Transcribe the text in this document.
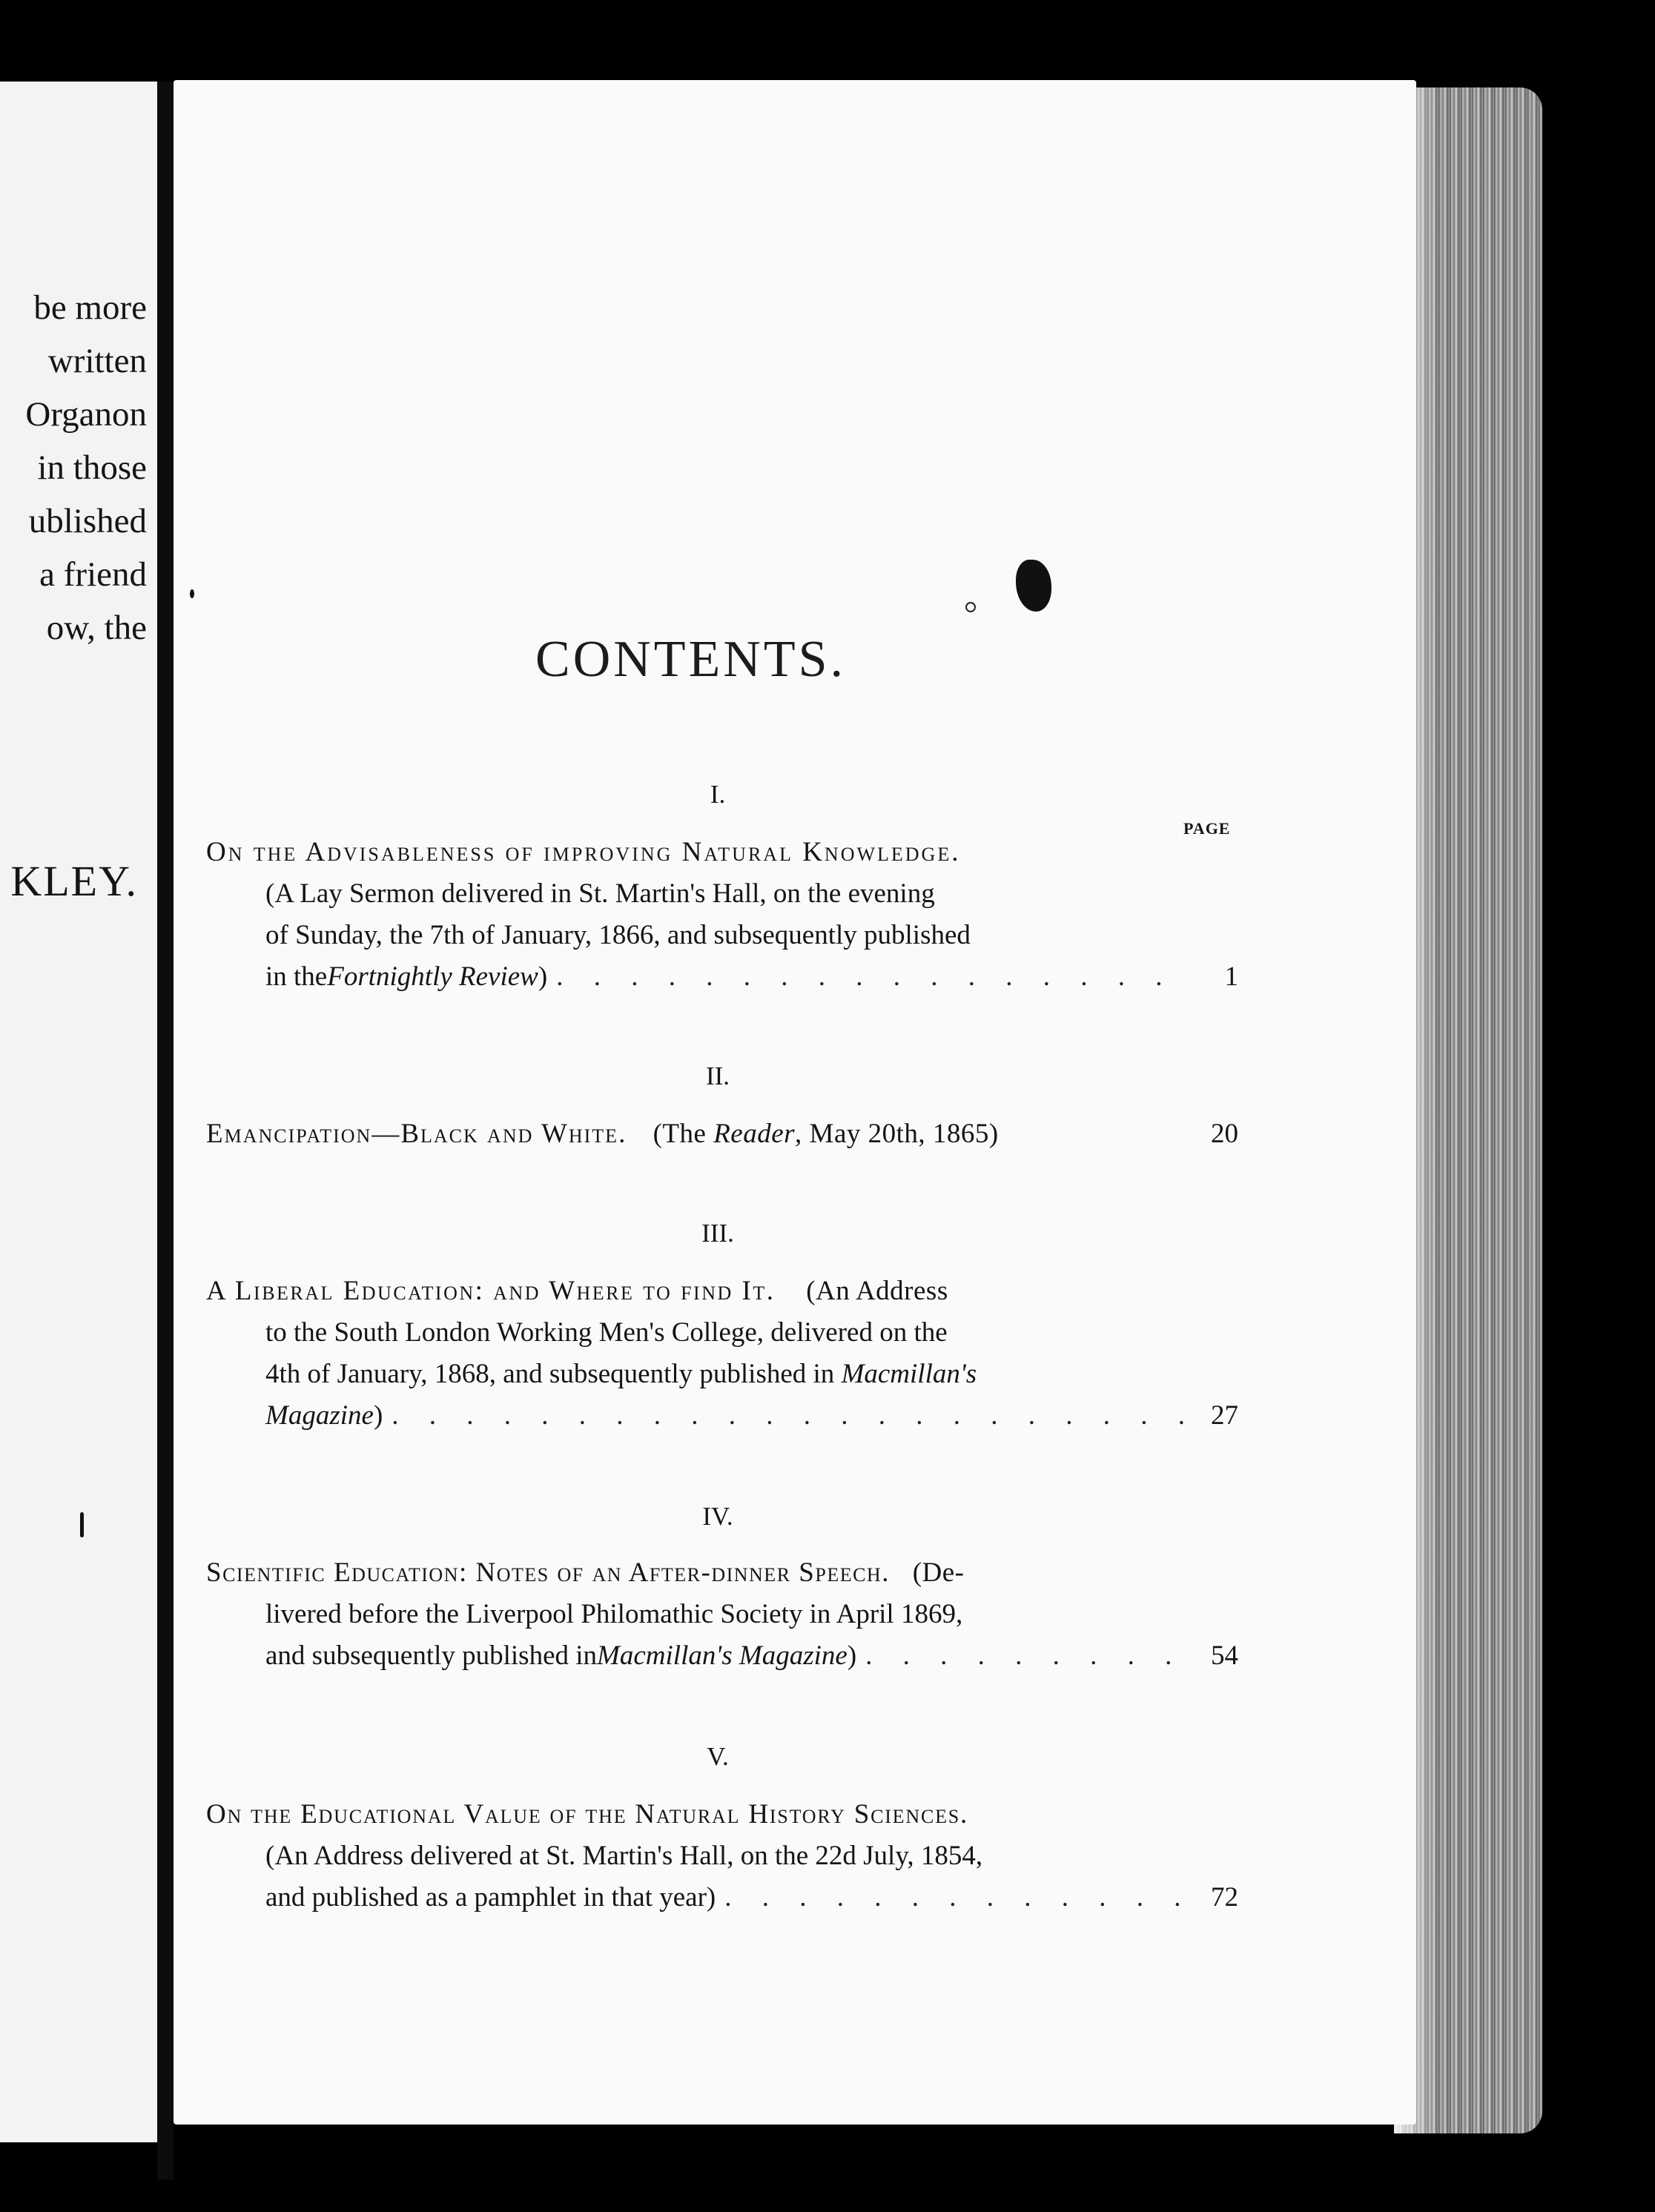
be more
written
Organon
in those
ublished
a friend
ow, the
KLEY.
CONTENTS.
PAGE
I.
On the Advisableness of improving Natural Knowledge.
(A Lay Sermon delivered in St. Martin's Hall, on the evening
of Sunday, the 7th of January, 1866, and subsequently published
in the Fortnightly Review ) . . .	1
II.
Emancipation—Black and White. (The Reader, May 20th, 1865)	20
III.
A Liberal Education: and Where to find It. (An Address
to the South London Working Men's College, delivered on the
4th of January, 1868, and subsequently published in Macmillan's
Magazine ) . . .	27
IV.
Scientific Education: Notes of an After-dinner Speech. (De-
livered before the Liverpool Philomathic Society in April 1869,
and subsequently published in Macmillan's Magazine ) . . .	54
V.
On the Educational Value of the Natural History Sciences.
(An Address delivered at St. Martin's Hall, on the 22d July, 1854,
and published as a pamphlet in that year) . . .	72
